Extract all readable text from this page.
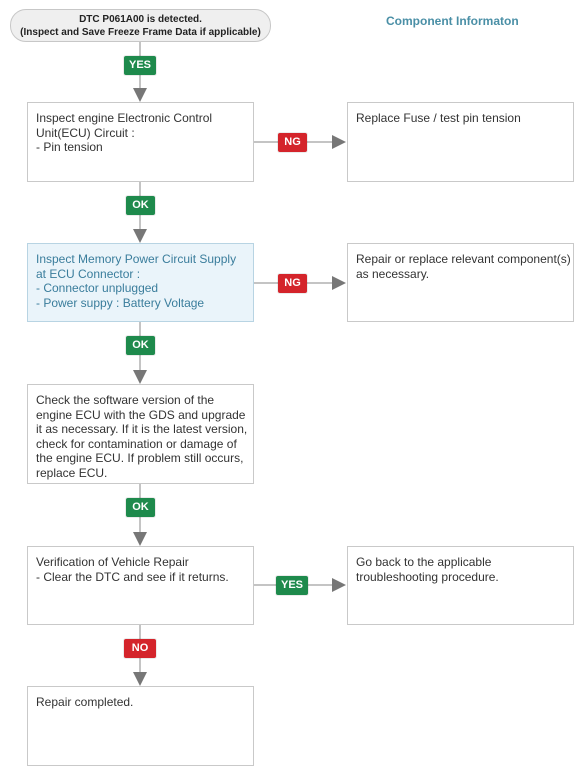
DTC P061A00 is detected.
(Inspect and Save Freeze Frame Data if applicable)
Component Informaton
Inspect engine Electronic Control
Unit(ECU) Circuit :
- Pin tension
Replace Fuse / test pin tension
Inspect Memory Power Circuit Supply
at ECU Connector :
- Connector unplugged
- Power suppy : Battery Voltage
Repair or replace relevant component(s)
as necessary.
Check the software version of the
engine ECU with the GDS and upgrade
it as necessary. If it is the latest version,
check for contamination or damage of
the engine ECU. If problem still occurs,
replace ECU.
Verification of Vehicle Repair
- Clear the DTC and see if it returns.
Go back to the applicable
troubleshooting procedure.
Repair completed.
YES
NG
OK
NG
OK
OK
YES
NO
